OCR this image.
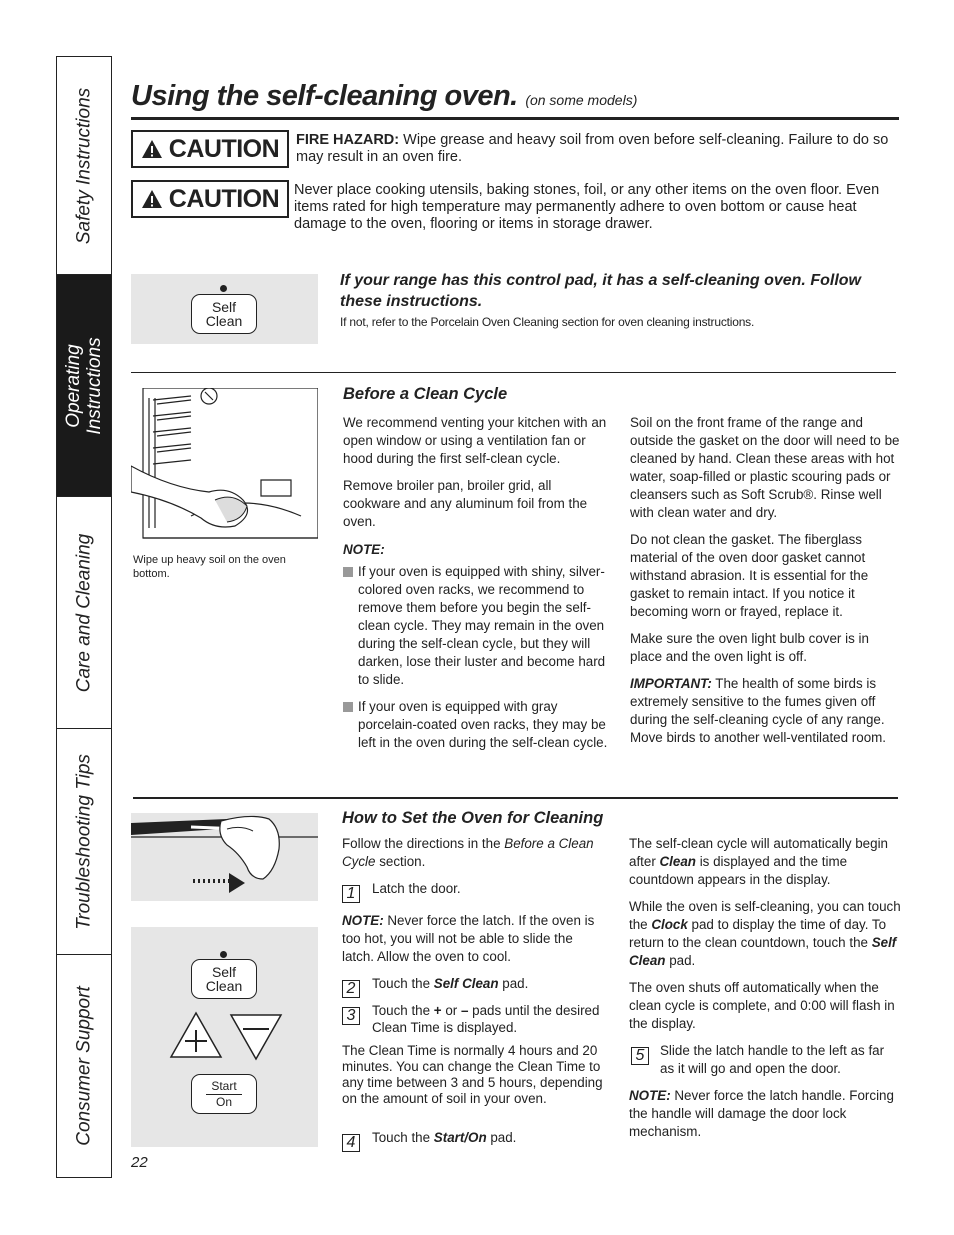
Safety Instructions
Operating
Instructions
Care and Cleaning
Troubleshooting Tips
Consumer Support
Using the self-cleaning oven. (on some models)
CAUTION FIRE HAZARD: Wipe grease and heavy soil from oven before self-cleaning. Failure to do so may result in an oven fire.
CAUTION Never place cooking utensils, baking stones, foil, or any other items on the oven floor. Even items rated for high temperature may permanently adhere to oven bottom or cause heat damage to the oven, flooring or items in storage drawer.
Self
Clean
If your range has this control pad, it has a self-cleaning oven. Follow these instructions.
If not, refer to the Porcelain Oven Cleaning section for oven cleaning instructions.
Wipe up heavy soil on the oven bottom.
Before a Clean Cycle
We recommend venting your kitchen with an open window or using a ventilation fan or hood during the first self-clean cycle.
Remove broiler pan, broiler grid, all cookware and any aluminum foil from the oven.
NOTE:
If your oven is equipped with shiny, silver-colored oven racks, we recommend to remove them before you begin the self-clean cycle. They may remain in the oven during the self-clean cycle, but they will darken, lose their luster and become hard to slide.
If your oven is equipped with gray porcelain-coated oven racks, they may be left in the oven during the self-clean cycle.
Soil on the front frame of the range and outside the gasket on the door will need to be cleaned by hand. Clean these areas with hot water, soap-filled or plastic scouring pads or cleansers such as Soft Scrub®. Rinse well with clean water and dry.
Do not clean the gasket. The fiberglass material of the oven door gasket cannot withstand abrasion. It is essential for the gasket to remain intact. If you notice it becoming worn or frayed, replace it.
Make sure the oven light bulb cover is in place and the oven light is off.
IMPORTANT: The health of some birds is extremely sensitive to the fumes given off during the self-cleaning cycle of any range. Move birds to another well-ventilated room.
Self
Clean
Start
On
How to Set the Oven for Cleaning
Follow the directions in the Before a Clean Cycle section.
1	Latch the door.
NOTE: Never force the latch. If the oven is too hot, you will not be able to slide the latch. Allow the oven to cool.
2	Touch the Self Clean pad.
3	Touch the + or – pads until the desired Clean Time is displayed.
The Clean Time is normally 4 hours and 20 minutes. You can change the Clean Time to any time between 3 and 5 hours, depending on the amount of soil in your oven.
4	Touch the Start/On pad.
The self-clean cycle will automatically begin after Clean is displayed and the time countdown appears in the display.
While the oven is self-cleaning, you can touch the Clock pad to display the time of day. To return to the clean countdown, touch the Self Clean pad.
The oven shuts off automatically when the clean cycle is complete, and 0:00 will flash in the display.
5	Slide the latch handle to the left as far as it will go and open the door.
NOTE: Never force the latch handle. Forcing the handle will damage the door lock mechanism.
22
